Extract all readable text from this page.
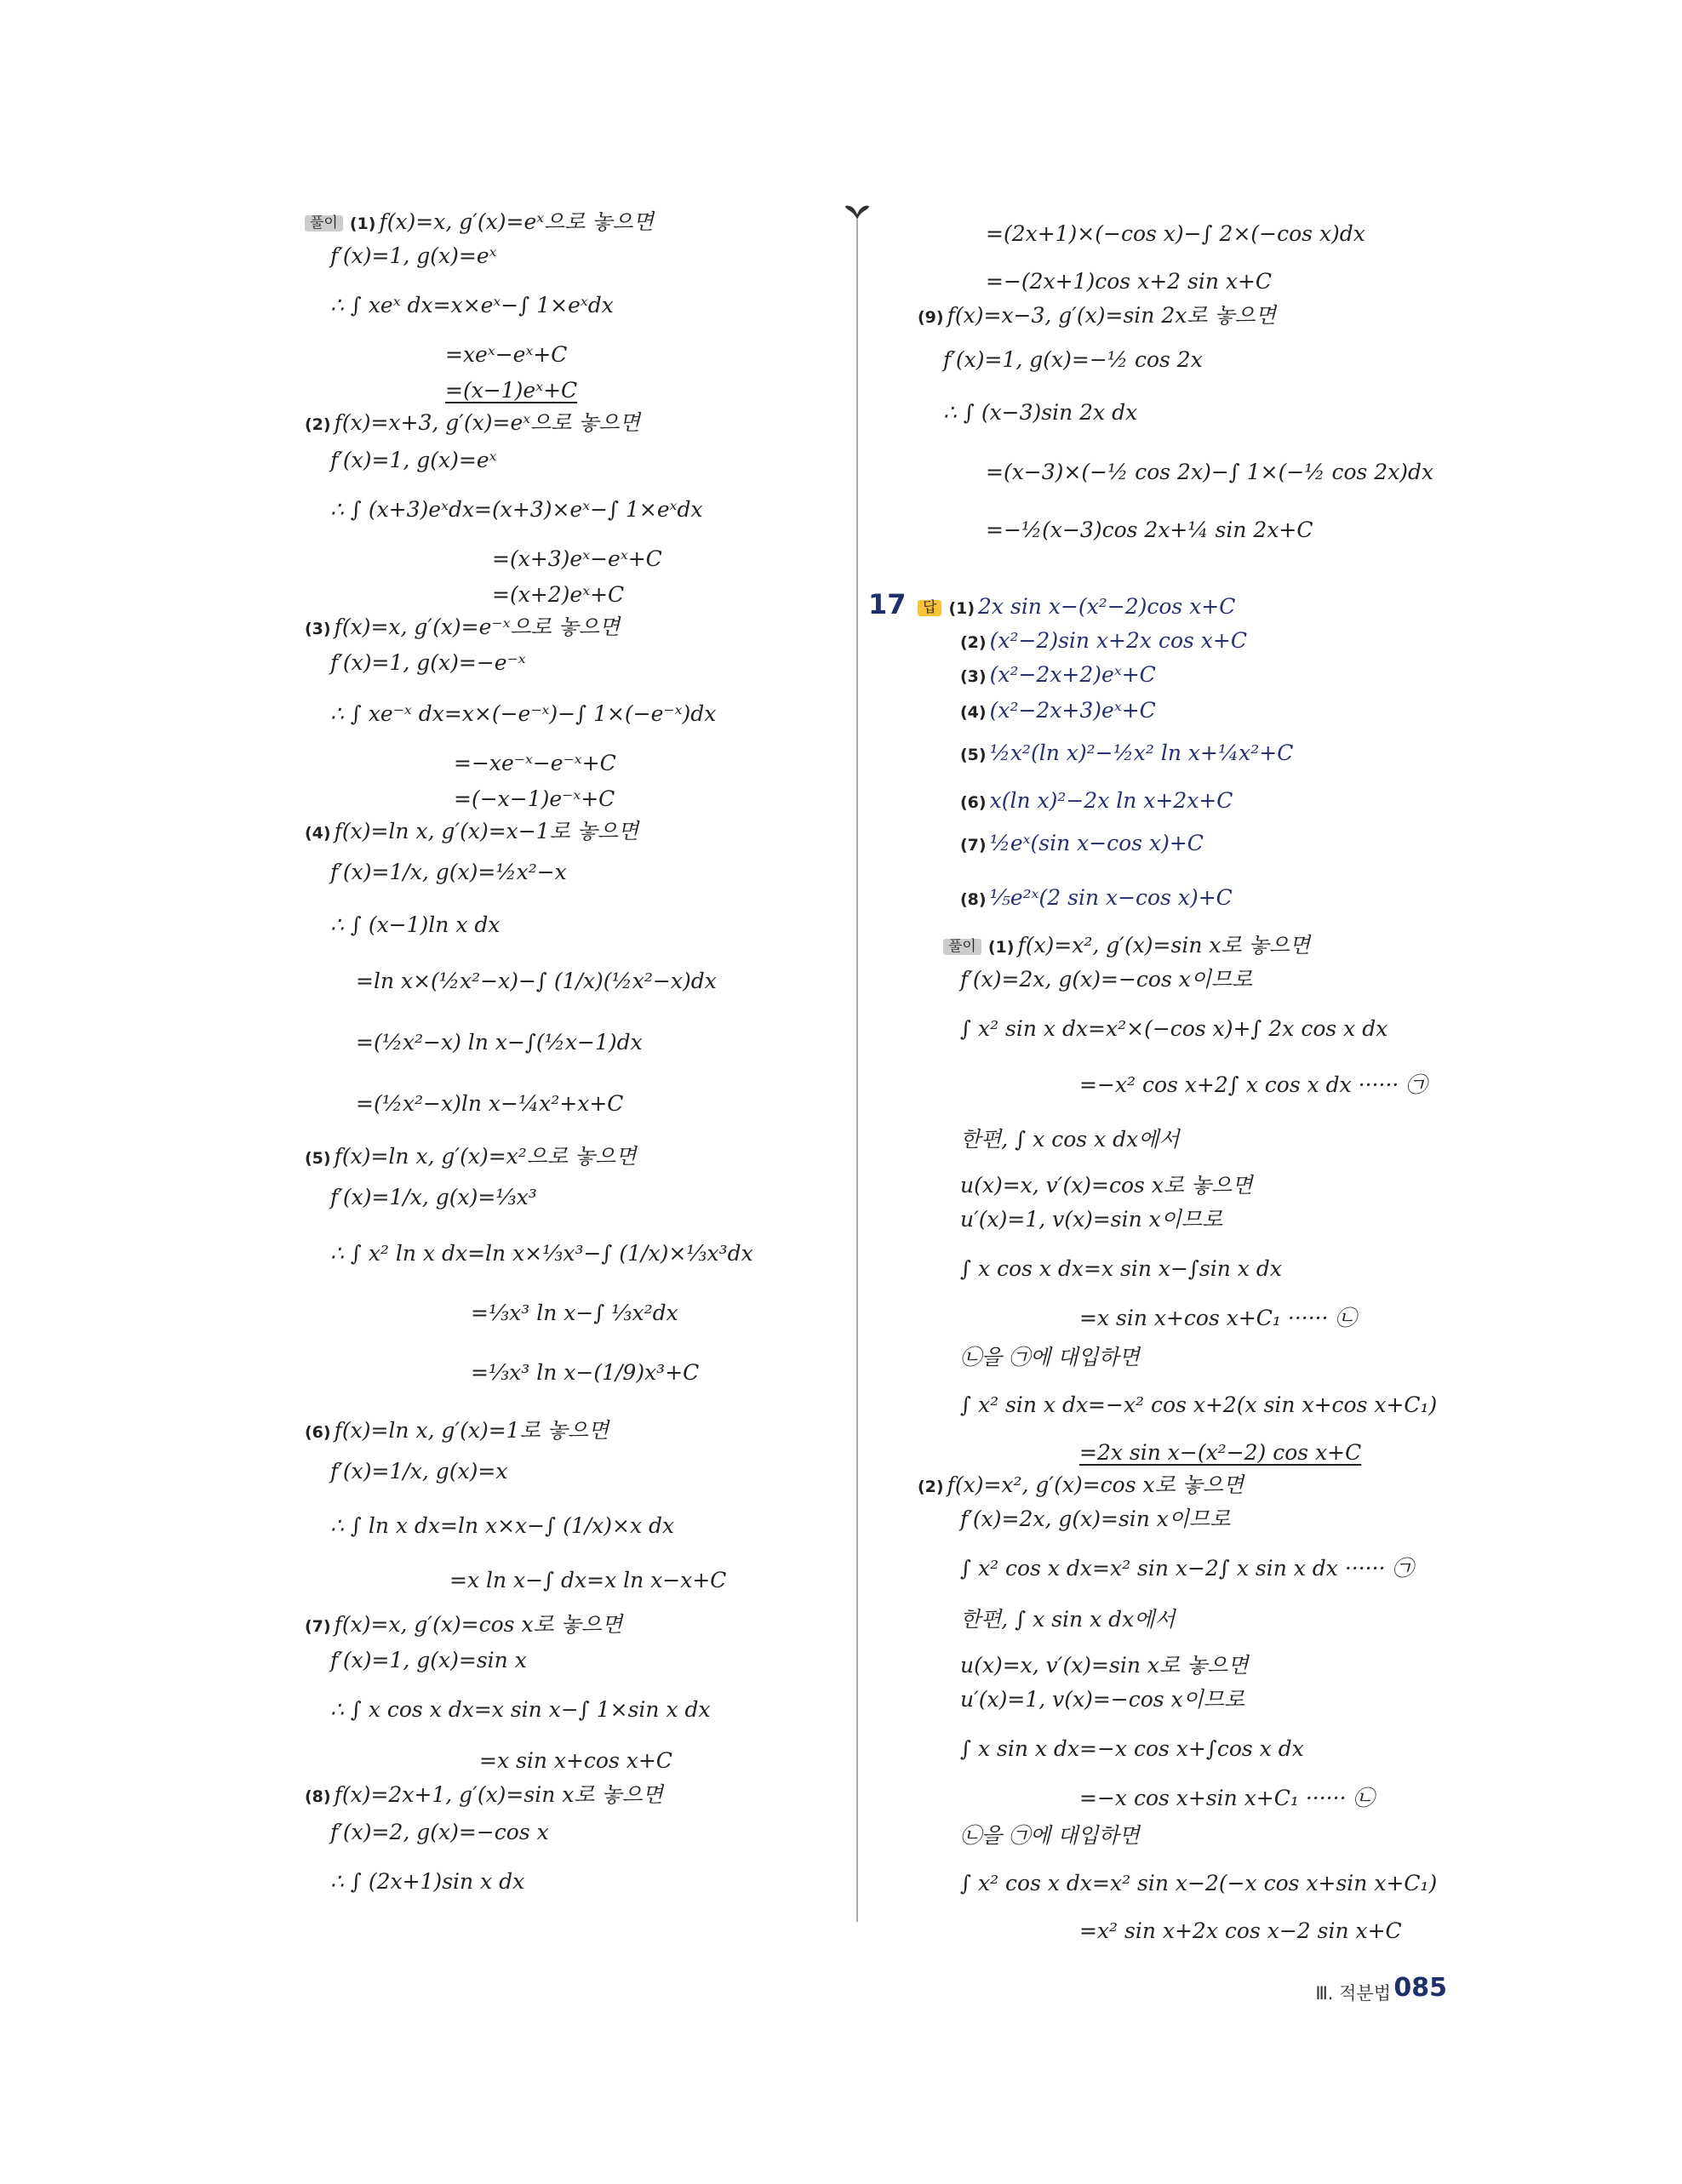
풀이 (1) f(x)=x, g′(x)=eˣ으로 놓으면
f′(x)=1, g(x)=eˣ
∴ ∫ xeˣ dx=x×eˣ−∫ 1×eˣdx
=xeˣ−eˣ+C
=(x−1)eˣ+C
(2) f(x)=x+3, g′(x)=eˣ으로 놓으면
f′(x)=1, g(x)=eˣ
∴ ∫ (x+3)eˣdx=(x+3)×eˣ−∫ 1×eˣdx
=(x+3)eˣ−eˣ+C
=(x+2)eˣ+C
(3) f(x)=x, g′(x)=e⁻ˣ으로 놓으면
f′(x)=1, g(x)=−e⁻ˣ
∴ ∫ xe⁻ˣ dx=x×(−e⁻ˣ)−∫ 1×(−e⁻ˣ)dx
=−xe⁻ˣ−e⁻ˣ+C
=(−x−1)e⁻ˣ+C
(4) f(x)=ln x, g′(x)=x−1로 놓으면
f′(x)=1/x, g(x)=½x²−x
∴ ∫ (x−1)ln x dx
=ln x×(½x²−x)−∫ (1/x)(½x²−x)dx
=(½x²−x) ln x−∫(½x−1)dx
=(½x²−x)ln x−¼x²+x+C
(5) f(x)=ln x, g′(x)=x²으로 놓으면
f′(x)=1/x, g(x)=⅓x³
∴ ∫ x² ln x dx=ln x×⅓x³−∫ (1/x)×⅓x³dx
=⅓x³ ln x−∫ ⅓x²dx
=⅓x³ ln x−(1/9)x³+C
(6) f(x)=ln x, g′(x)=1로 놓으면
f′(x)=1/x, g(x)=x
∴ ∫ ln x dx=ln x×x−∫ (1/x)×x dx
=x ln x−∫ dx=x ln x−x+C
(7) f(x)=x, g′(x)=cos x로 놓으면
f′(x)=1, g(x)=sin x
∴ ∫ x cos x dx=x sin x−∫ 1×sin x dx
=x sin x+cos x+C
(8) f(x)=2x+1, g′(x)=sin x로 놓으면
f′(x)=2, g(x)=−cos x
∴ ∫ (2x+1)sin x dx
=(2x+1)×(−cos x)−∫ 2×(−cos x)dx
=−(2x+1)cos x+2 sin x+C
(9) f(x)=x−3, g′(x)=sin 2x로 놓으면
f′(x)=1, g(x)=−½ cos 2x
∴ ∫ (x−3)sin 2x dx
=(x−3)×(−½ cos 2x)−∫ 1×(−½ cos 2x)dx
=−½(x−3)cos 2x+¼ sin 2x+C
17 답 (1) 2x sin x−(x²−2)cos x+C
(2) (x²−2)sin x+2x cos x+C
(3) (x²−2x+2)eˣ+C
(4) (x²−2x+3)eˣ+C
(5) ½x²(ln x)²−½x² ln x+¼x²+C
(6) x(ln x)²−2x ln x+2x+C
(7) ½eˣ(sin x−cos x)+C
(8) ⅕e²ˣ(2 sin x−cos x)+C
풀이 (1) f(x)=x², g′(x)=sin x로 놓으면
f′(x)=2x, g(x)=−cos x이므로
∫ x² sin x dx=x²×(−cos x)+∫ 2x cos x dx
=−x² cos x+2∫ x cos x dx ······ ㉠
한편, ∫ x cos x dx에서
u(x)=x, v′(x)=cos x로 놓으면
u′(x)=1, v(x)=sin x이므로
∫ x cos x dx=x sin x−∫sin x dx
=x sin x+cos x+C₁ ······ ㉡
㉡을 ㉠에 대입하면
∫ x² sin x dx=−x² cos x+2(x sin x+cos x+C₁)
=2x sin x−(x²−2) cos x+C
(2) f(x)=x², g′(x)=cos x로 놓으면
f′(x)=2x, g(x)=sin x이므로
∫ x² cos x dx=x² sin x−2∫ x sin x dx ······ ㉠
한편, ∫ x sin x dx에서
u(x)=x, v′(x)=sin x로 놓으면
u′(x)=1, v(x)=−cos x이므로
∫ x sin x dx=−x cos x+∫cos x dx
=−x cos x+sin x+C₁ ······ ㉡
㉡을 ㉠에 대입하면
∫ x² cos x dx=x² sin x−2(−x cos x+sin x+C₁)
=x² sin x+2x cos x−2 sin x+C
Ⅲ. 적분법 085
